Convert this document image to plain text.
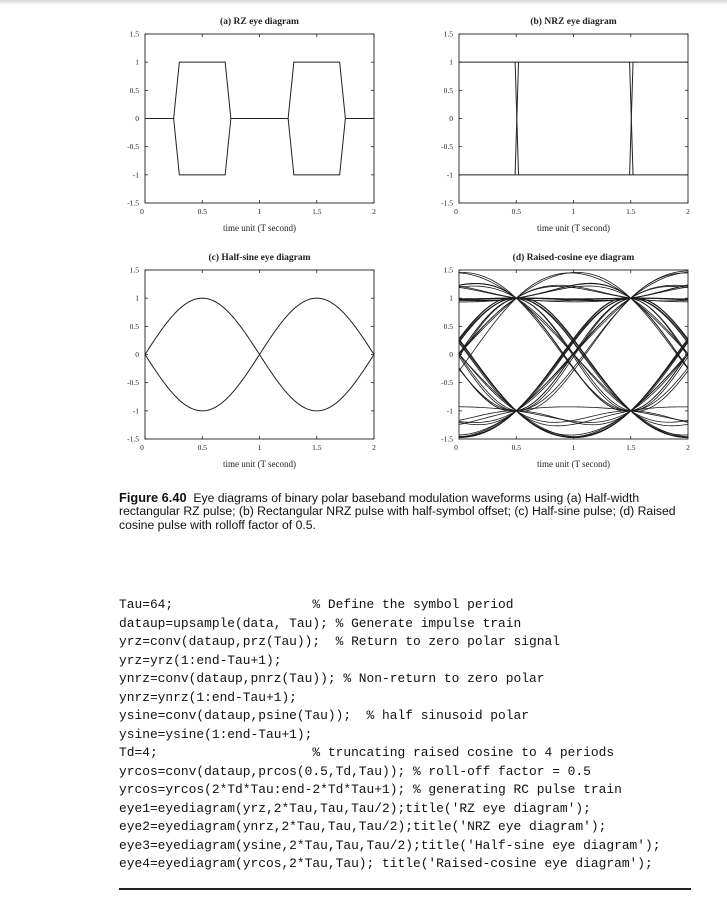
(a) RZ eye diagram
time unit (T second)
0	0.5	1	1.5	2
1.5
1
0.5
0
-0.5
-1
-1.5
(b) NRZ eye diagram
time unit (T second)
0	0.5	1	1.5	2
1.5
1
0.5
0
-0.5
-1
-1.5
(c) Half-sine eye diagram
time unit (T second)
0	0.5	1	1.5	2
1.5
1
0.5
0
-0.5
-1
-1.5
(d) Raised-cosine eye diagram
time unit (T second)
0	0.5	1	1.5	2
1.5
1
0.5
0
-0.5
-1
-1.5
Figure 6.40 Eye diagrams of binary polar baseband modulation waveforms using (a) Half-width rectangular RZ pulse; (b) Rectangular NRZ pulse with half-symbol offset; (c) Half-sine pulse; (d) Raised cosine pulse with rolloff factor of 0.5.
Tau=64;                  % Define the symbol period
dataup=upsample(data, Tau); % Generate impulse train
yrz=conv(dataup,prz(Tau));  % Return to zero polar signal
yrz=yrz(1:end-Tau+1);
ynrz=conv(dataup,pnrz(Tau)); % Non-return to zero polar
ynrz=ynrz(1:end-Tau+1);
ysine=conv(dataup,psine(Tau));  % half sinusoid polar
ysine=ysine(1:end-Tau+1);
Td=4;                    % truncating raised cosine to 4 periods
yrcos=conv(dataup,prcos(0.5,Td,Tau)); % roll-off factor = 0.5
yrcos=yrcos(2*Td*Tau:end-2*Td*Tau+1); % generating RC pulse train
eye1=eyediagram(yrz,2*Tau,Tau,Tau/2);title('RZ eye diagram');
eye2=eyediagram(ynrz,2*Tau,Tau,Tau/2);title('NRZ eye diagram');
eye3=eyediagram(ysine,2*Tau,Tau,Tau/2);title('Half-sine eye diagram');
eye4=eyediagram(yrcos,2*Tau,Tau); title('Raised-cosine eye diagram');
